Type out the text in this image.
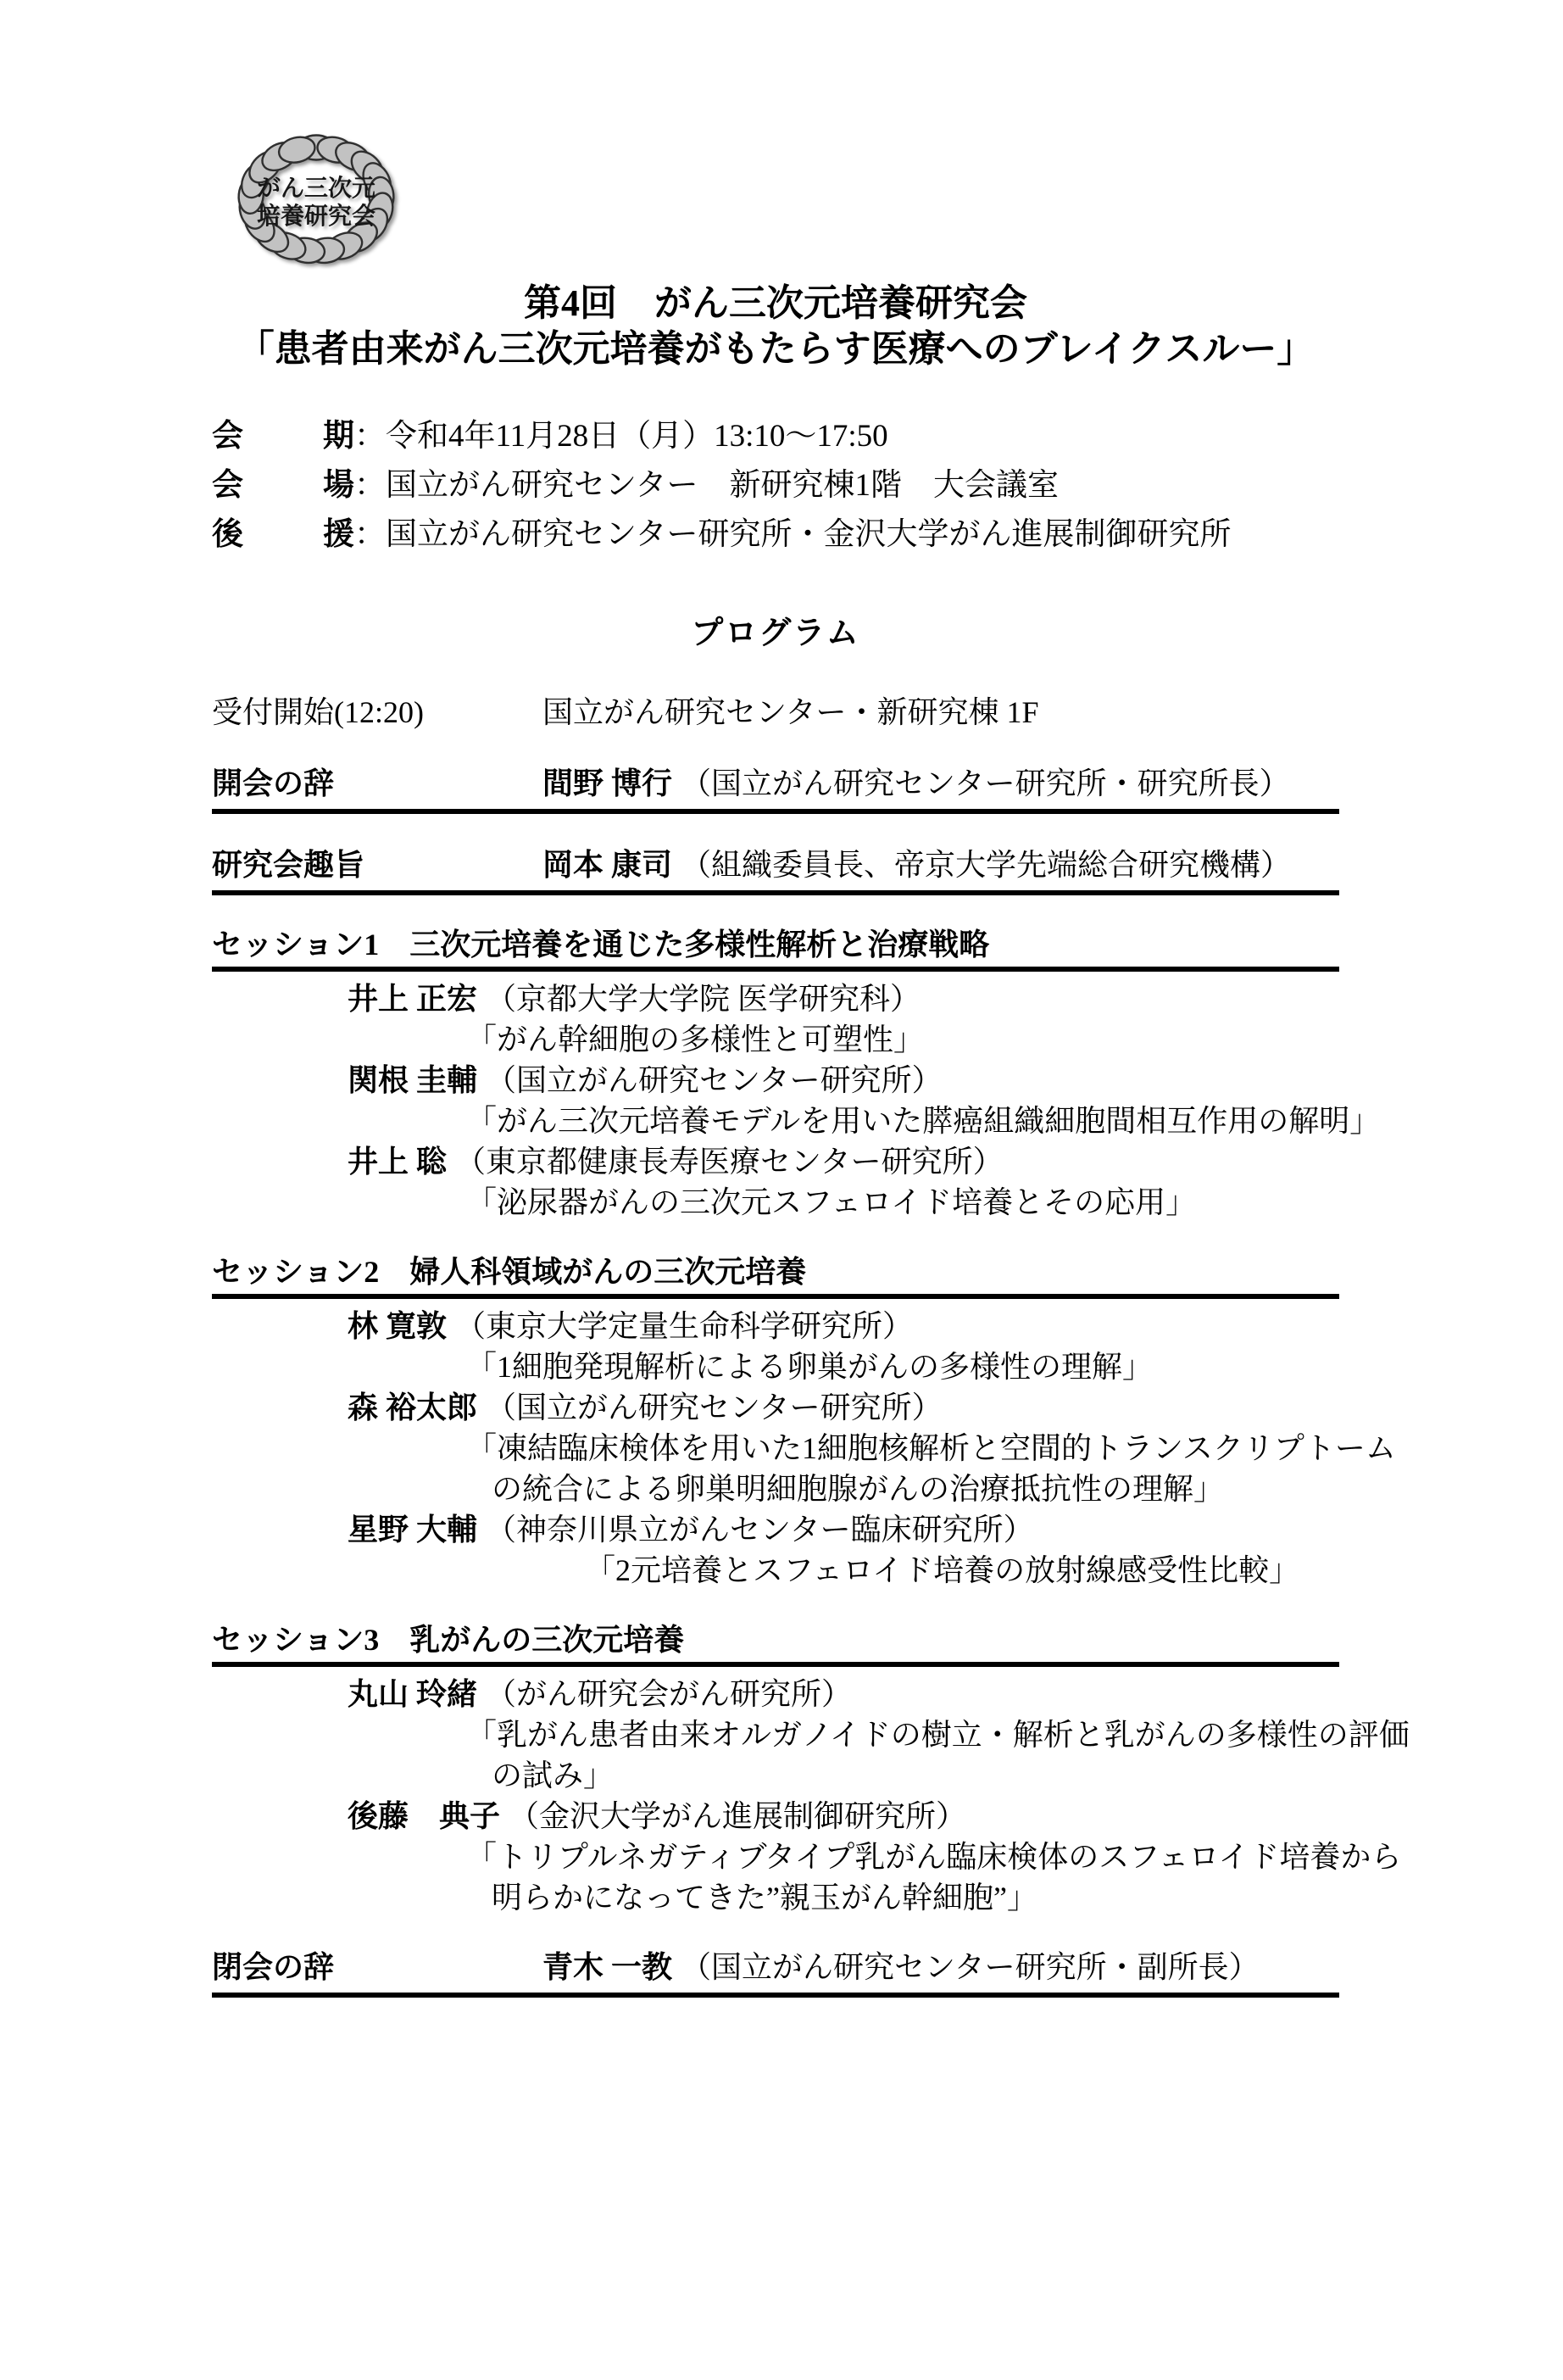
がん三次元
培養研究会
第4回　がん三次元培養研究会
「患者由来がん三次元培養がもたらす医療へのブレイクスルー」
会	期 ：令和4年11月28日（月）13:10～17:50
会	場 ：国立がん研究センター　新研究棟1階　大会議室
後	援 ：国立がん研究センター研究所・金沢大学がん進展制御研究所
プログラム
受付開始(12:20)	国立がん研究センター・新研究棟 1F
開会の辞	間野 博行 （国立がん研究センター研究所・研究所長）
研究会趣旨	岡本 康司 （組織委員長、帝京大学先端総合研究機構）
セッション1　三次元培養を通じた多様性解析と治療戦略
井上 正宏 （京都大学大学院 医学研究科）
「がん幹細胞の多様性と可塑性」
関根 圭輔 （国立がん研究センター研究所）
「がん三次元培養モデルを用いた膵癌組織細胞間相互作用の解明」
井上 聡 （東京都健康長寿医療センター研究所）
「泌尿器がんの三次元スフェロイド培養とその応用」
セッション2　婦人科領域がんの三次元培養
林 寛敦 （東京大学定量生命科学研究所）
「1細胞発現解析による卵巣がんの多様性の理解」
森 裕太郎 （国立がん研究センター研究所）
「凍結臨床検体を用いた1細胞核解析と空間的トランスクリプトーム
の統合による卵巣明細胞腺がんの治療抵抗性の理解」
星野 大輔 （神奈川県立がんセンター臨床研究所）
「2元培養とスフェロイド培養の放射線感受性比較」
セッション3　乳がんの三次元培養
丸山 玲緒 （がん研究会がん研究所）
「乳がん患者由来オルガノイドの樹立・解析と乳がんの多様性の評価
の試み」
後藤　典子 （金沢大学がん進展制御研究所）
「トリプルネガティブタイプ乳がん臨床検体のスフェロイド培養から
明らかになってきた”親玉がん幹細胞”」
閉会の辞	青木 一教 （国立がん研究センター研究所・副所長）
